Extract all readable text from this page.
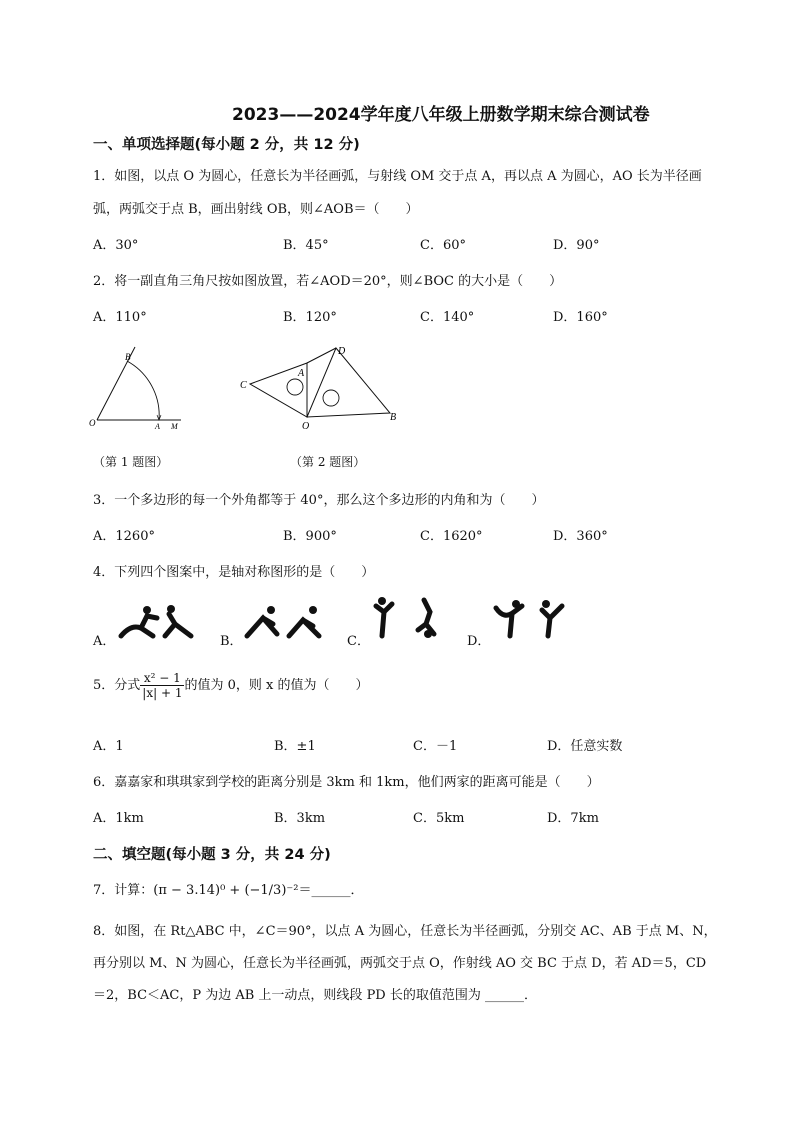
2023——2024学年度八年级上册数学期末综合测试卷
一、单项选择题(每小题 2 分，共 12 分)
1．如图，以点 O 为圆心，任意长为半径画弧，与射线 OM 交于点 A，再以点 A 为圆心，AO 长为半径画
弧，两弧交于点 B，画出射线 OB，则∠AOB＝（　　）
A．30°	B．45°	C．60°	D．90°
2．将一副直角三角尺按如图放置，若∠AOD＝20°，则∠BOC 的大小是（　　）
A．110°	B．120°	C．140°	D．160°
B
O	A M
（第 1 题图）
C
D
A
O
B
（第 2 题图）
3．一个多边形的每一个外角都等于 40°，那么这个多边形的内角和为（　　）
A．1260°	B．900°	C．1620°	D．360°
4．下列四个图案中，是轴对称图形的是（　　）
A．	B．	C．	D．
5．分式 $\frac{\text{x² − 1}}{|x| + 1}$ 的值为 0，则 x 的值为（　　）
A．1	B．±1	C．－1	D．任意实数
6．嘉嘉家和琪琪家到学校的距离分别是 3km 和 1km，他们两家的距离可能是（　　）
A．1km	B．3km	C．5km	D．7km
二、填空题(每小题 3 分，共 24 分)
7．计算：(π − 3.14)⁰ + (−1/3)⁻²＝______．
8．如图，在 Rt△ABC 中，∠C＝90°，以点 A 为圆心，任意长为半径画弧，分别交 AC、AB 于点 M、N，
再分别以 M、N 为圆心，任意长为半径画弧，两弧交于点 O，作射线 AO 交 BC 于点 D，若 AD＝5，CD
＝2，BC＜AC，P 为边 AB 上一动点，则线段 PD 长的取值范围为 ______．
